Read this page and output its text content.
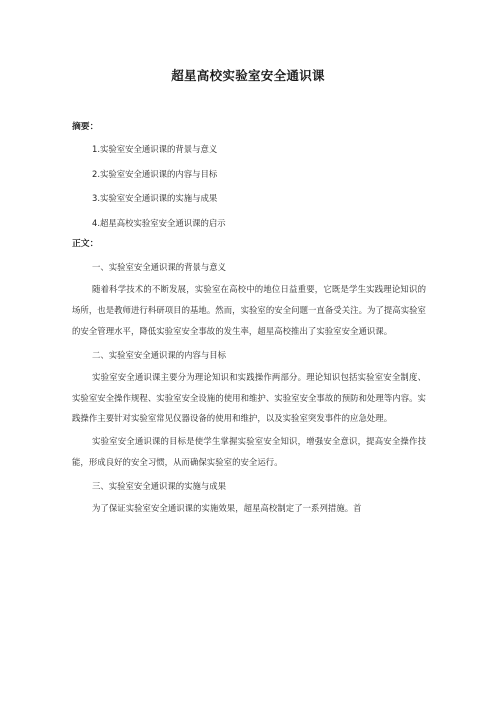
超星高校实验室安全通识课

摘要：

1.实验室安全通识课的背景与意义
2.实验室安全通识课的内容与目标
3.实验室安全通识课的实施与成果
4.超星高校实验室安全通识课的启示

正文：

一、实验室安全通识课的背景与意义

随着科学技术的不断发展，实验室在高校中的地位日益重要，它既是学生实践理论知识的场所，也是教师进行科研项目的基地。然而，实验室的安全问题一直备受关注。为了提高实验室的安全管理水平，降低实验室安全事故的发生率，超星高校推出了实验室安全通识课。

二、实验室安全通识课的内容与目标

实验室安全通识课主要分为理论知识和实践操作两部分。理论知识包括实验室安全制度、实验室安全操作规程、实验室安全设施的使用和维护、实验室安全事故的预防和处理等内容。实践操作主要针对实验室常见仪器设备的使用和维护，以及实验室突发事件的应急处理。

实验室安全通识课的目标是使学生掌握实验室安全知识，增强安全意识，提高安全操作技能，形成良好的安全习惯，从而确保实验室的安全运行。

三、实验室安全通识课的实施与成果

为了保证实验室安全通识课的实施效果，超星高校制定了一系列措施。首
